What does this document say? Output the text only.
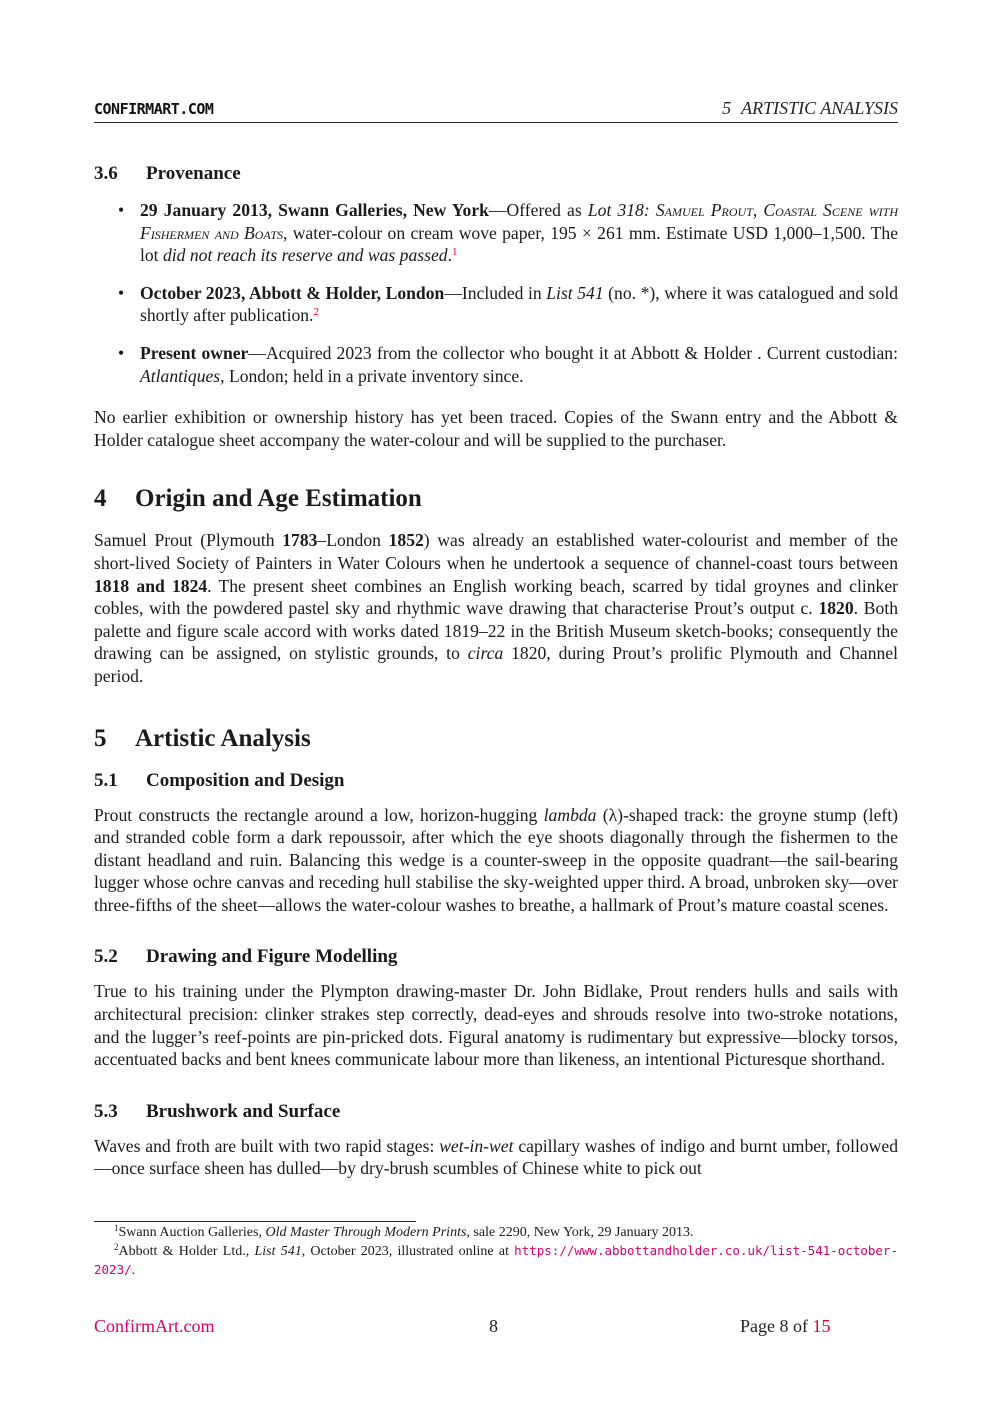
CONFIRMART.COM	5 ARTISTIC ANALYSIS
3.6 Provenance
• 29 January 2013, Swann Galleries, New York—Offered as Lot 318: Samuel Prout, Coastal Scene with Fishermen and Boats, water-colour on cream wove paper, 195 × 261 mm. Estimate USD 1,000–1,500. The lot did not reach its reserve and was passed.$^1$
• October 2023, Abbott & Holder, London—Included in List 541 (no. *), where it was catalogued and sold shortly after publication.$^2$
• Present owner—Acquired 2023 from the collector who bought it at Abbott & Holder . Current custodian: Atlantiques, London; held in a private inventory since.

No earlier exhibition or ownership history has yet been traced. Copies of the Swann entry and the Abbott & Holder catalogue sheet accompany the water-colour and will be supplied to the purchaser.

4 Origin and Age Estimation

Samuel Prout (Plymouth 1783–London 1852) was already an established water-colourist and member of the short-lived Society of Painters in Water Colours when he undertook a sequence of channel-coast tours between 1818 and 1824. The present sheet combines an English working beach, scarred by tidal groynes and clinker cobles, with the powdered pastel sky and rhythmic wave drawing that characterise Prout’s output c. 1820. Both palette and figure scale accord with works dated 1819–22 in the British Museum sketch-books; consequently the drawing can be assigned, on stylistic grounds, to circa 1820, during Prout’s prolific Plymouth and Channel period.

5 Artistic Analysis
5.1 Composition and Design

Prout constructs the rectangle around a low, horizon-hugging lambda (λ)-shaped track: the groyne stump (left) and stranded coble form a dark repoussoir, after which the eye shoots diagonally through the fishermen to the distant headland and ruin. Balancing this wedge is a counter-sweep in the opposite quadrant—the sail-bearing lugger whose ochre canvas and receding hull stabilise the sky-weighted upper third. A broad, unbroken sky—over three-fifths of the sheet—allows the water-colour washes to breathe, a hallmark of Prout’s mature coastal scenes.

5.2 Drawing and Figure Modelling

True to his training under the Plympton drawing-master Dr. John Bidlake, Prout renders hulls and sails with architectural precision: clinker strakes step correctly, dead-eyes and shrouds resolve into two-stroke notations, and the lugger’s reef-points are pin-pricked dots. Figural anatomy is rudimentary but expressive—blocky torsos, accentuated backs and bent knees communicate labour more than likeness, an intentional Picturesque shorthand.

5.3 Brushwork and Surface

Waves and froth are built with two rapid stages: wet-in-wet capillary washes of indigo and burnt umber, followed—once surface sheen has dulled—by dry-brush scumbles of Chinese white to pick out

$^1$Swann Auction Galleries, Old Master Through Modern Prints, sale 2290, New York, 29 January 2013.
$^2$Abbott & Holder Ltd., List 541, October 2023, illustrated online at https://www.abbottandholder.co.uk/list-541-october-2023/.
ConfirmArt.com	8	Page 8 of 15
